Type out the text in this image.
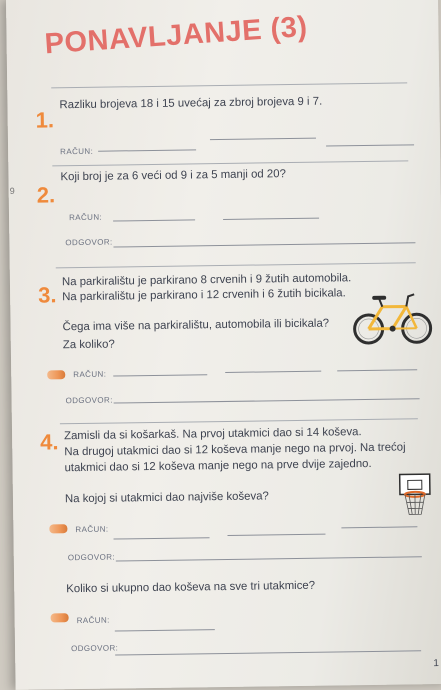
PONAVLJANJE (3)
1.
Razliku brojeva 18 i 15 uvećaj za zbroj brojeva 9 i 7.
RAČUN:
9 2.
Koji broj je za 6 veći od 9 i za 5 manji od 20?
RAČUN:
ODGOVOR:
3.
Na parkiralištu je parkirano 8 crvenih i 9 žutih automobila.
Na parkiralištu je parkirano i 12 crvenih i 6 žutih bicikala.
Čega ima više na parkiralištu, automobila ili bicikala?
Za koliko?
RAČUN:
ODGOVOR:
4. Zamisli da si košarkaš. Na prvoj utakmici dao si 14 koševa.
Na drugoj utakmici dao si 12 koševa manje nego na prvoj. Na trećoj
utakmici dao si 12 koševa manje nego na prve dvije zajedno.
Na kojoj si utakmici dao najviše koševa?
RAČUN:
ODGOVOR:
Koliko si ukupno dao koševa na sve tri utakmice?
RAČUN:
ODGOVOR:
1
